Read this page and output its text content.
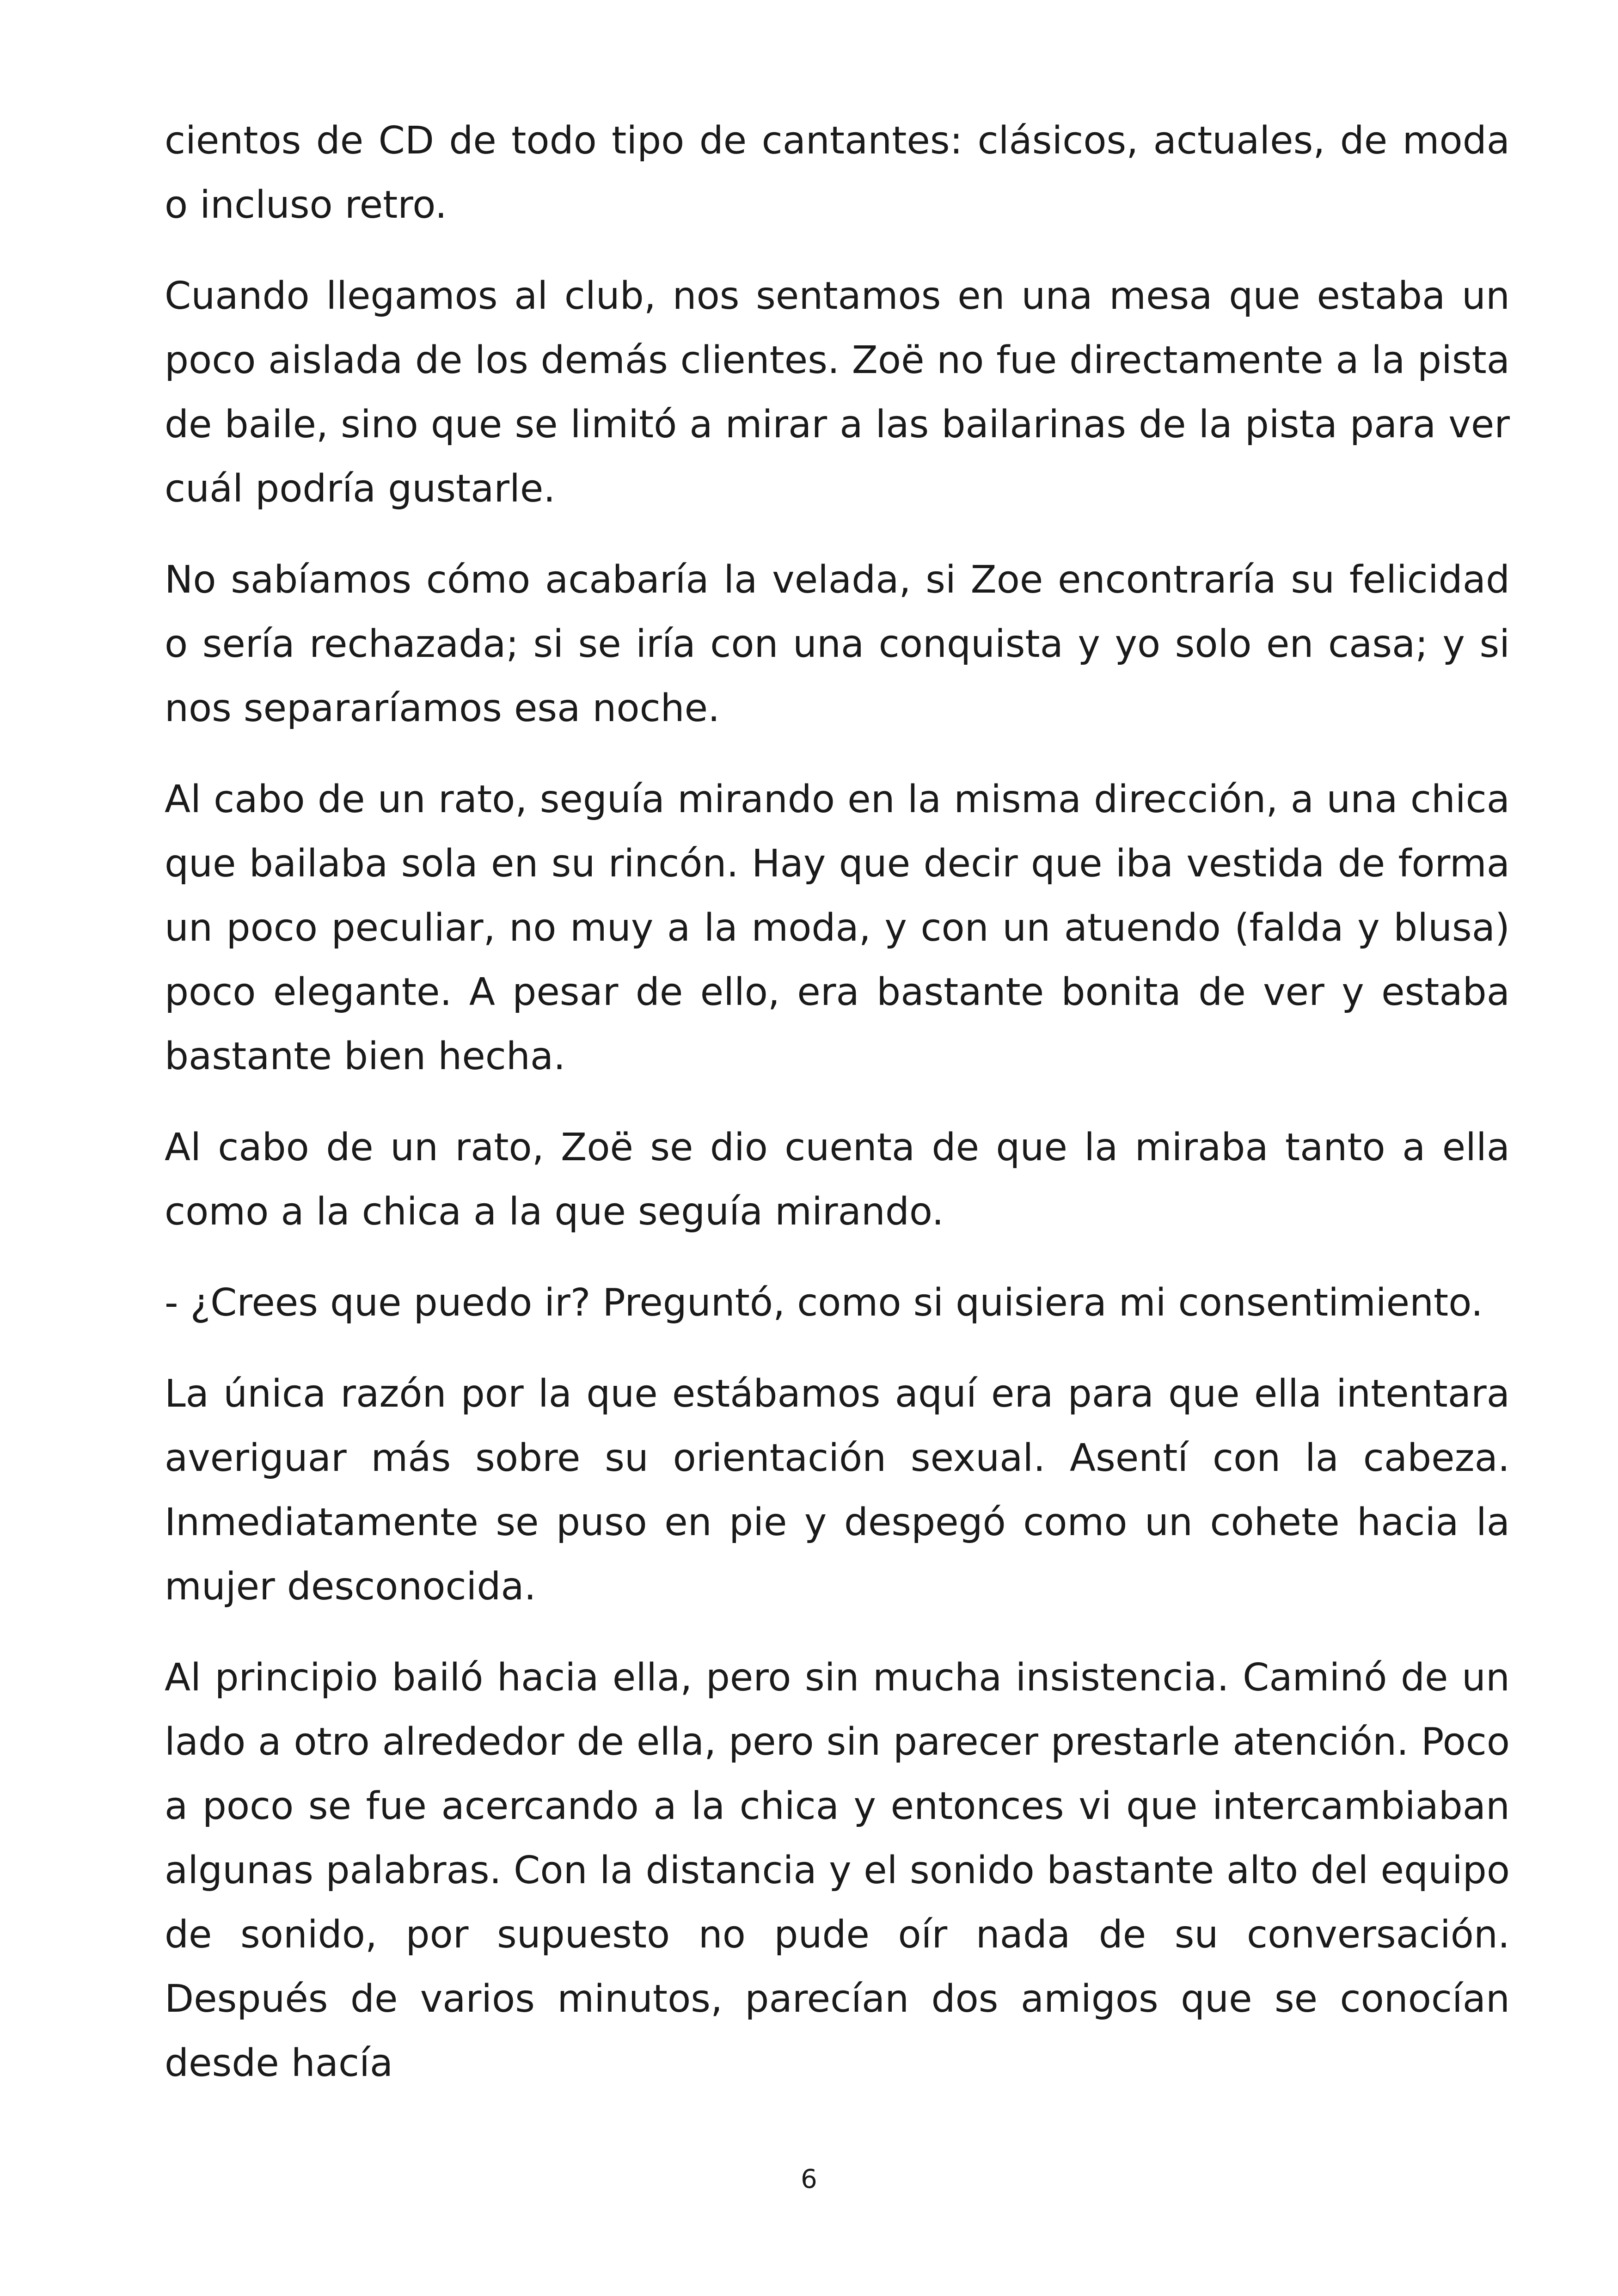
cientos de CD de todo tipo de cantantes: clásicos, actuales, de moda o incluso retro.

Cuando llegamos al club, nos sentamos en una mesa que estaba un poco aislada de los demás clientes. Zoë no fue directamente a la pista de baile, sino que se limitó a mirar a las bailarinas de la pista para ver cuál podría gustarle.

No sabíamos cómo acabaría la velada, si Zoe encontraría su felicidad o sería rechazada; si se iría con una conquista y yo solo en casa; y si nos separaríamos esa noche.

Al cabo de un rato, seguía mirando en la misma dirección, a una chica que bailaba sola en su rincón. Hay que decir que iba vestida de forma un poco peculiar, no muy a la moda, y con un atuendo (falda y blusa) poco elegante. A pesar de ello, era bastante bonita de ver y estaba bastante bien hecha.

Al cabo de un rato, Zoë se dio cuenta de que la miraba tanto a ella como a la chica a la que seguía mirando.

- ¿Crees que puedo ir? Preguntó, como si quisiera mi consentimiento.

La única razón por la que estábamos aquí era para que ella intentara averiguar más sobre su orientación sexual. Asentí con la cabeza. Inmediatamente se puso en pie y despegó como un cohete hacia la mujer desconocida.

Al principio bailó hacia ella, pero sin mucha insistencia. Caminó de un lado a otro alrededor de ella, pero sin parecer prestarle atención. Poco a poco se fue acercando a la chica y entonces vi que intercambiaban algunas palabras. Con la distancia y el sonido bastante alto del equipo de sonido, por supuesto no pude oír nada de su conversación. Después de varios minutos, parecían dos amigos que se conocían desde hacía

6
